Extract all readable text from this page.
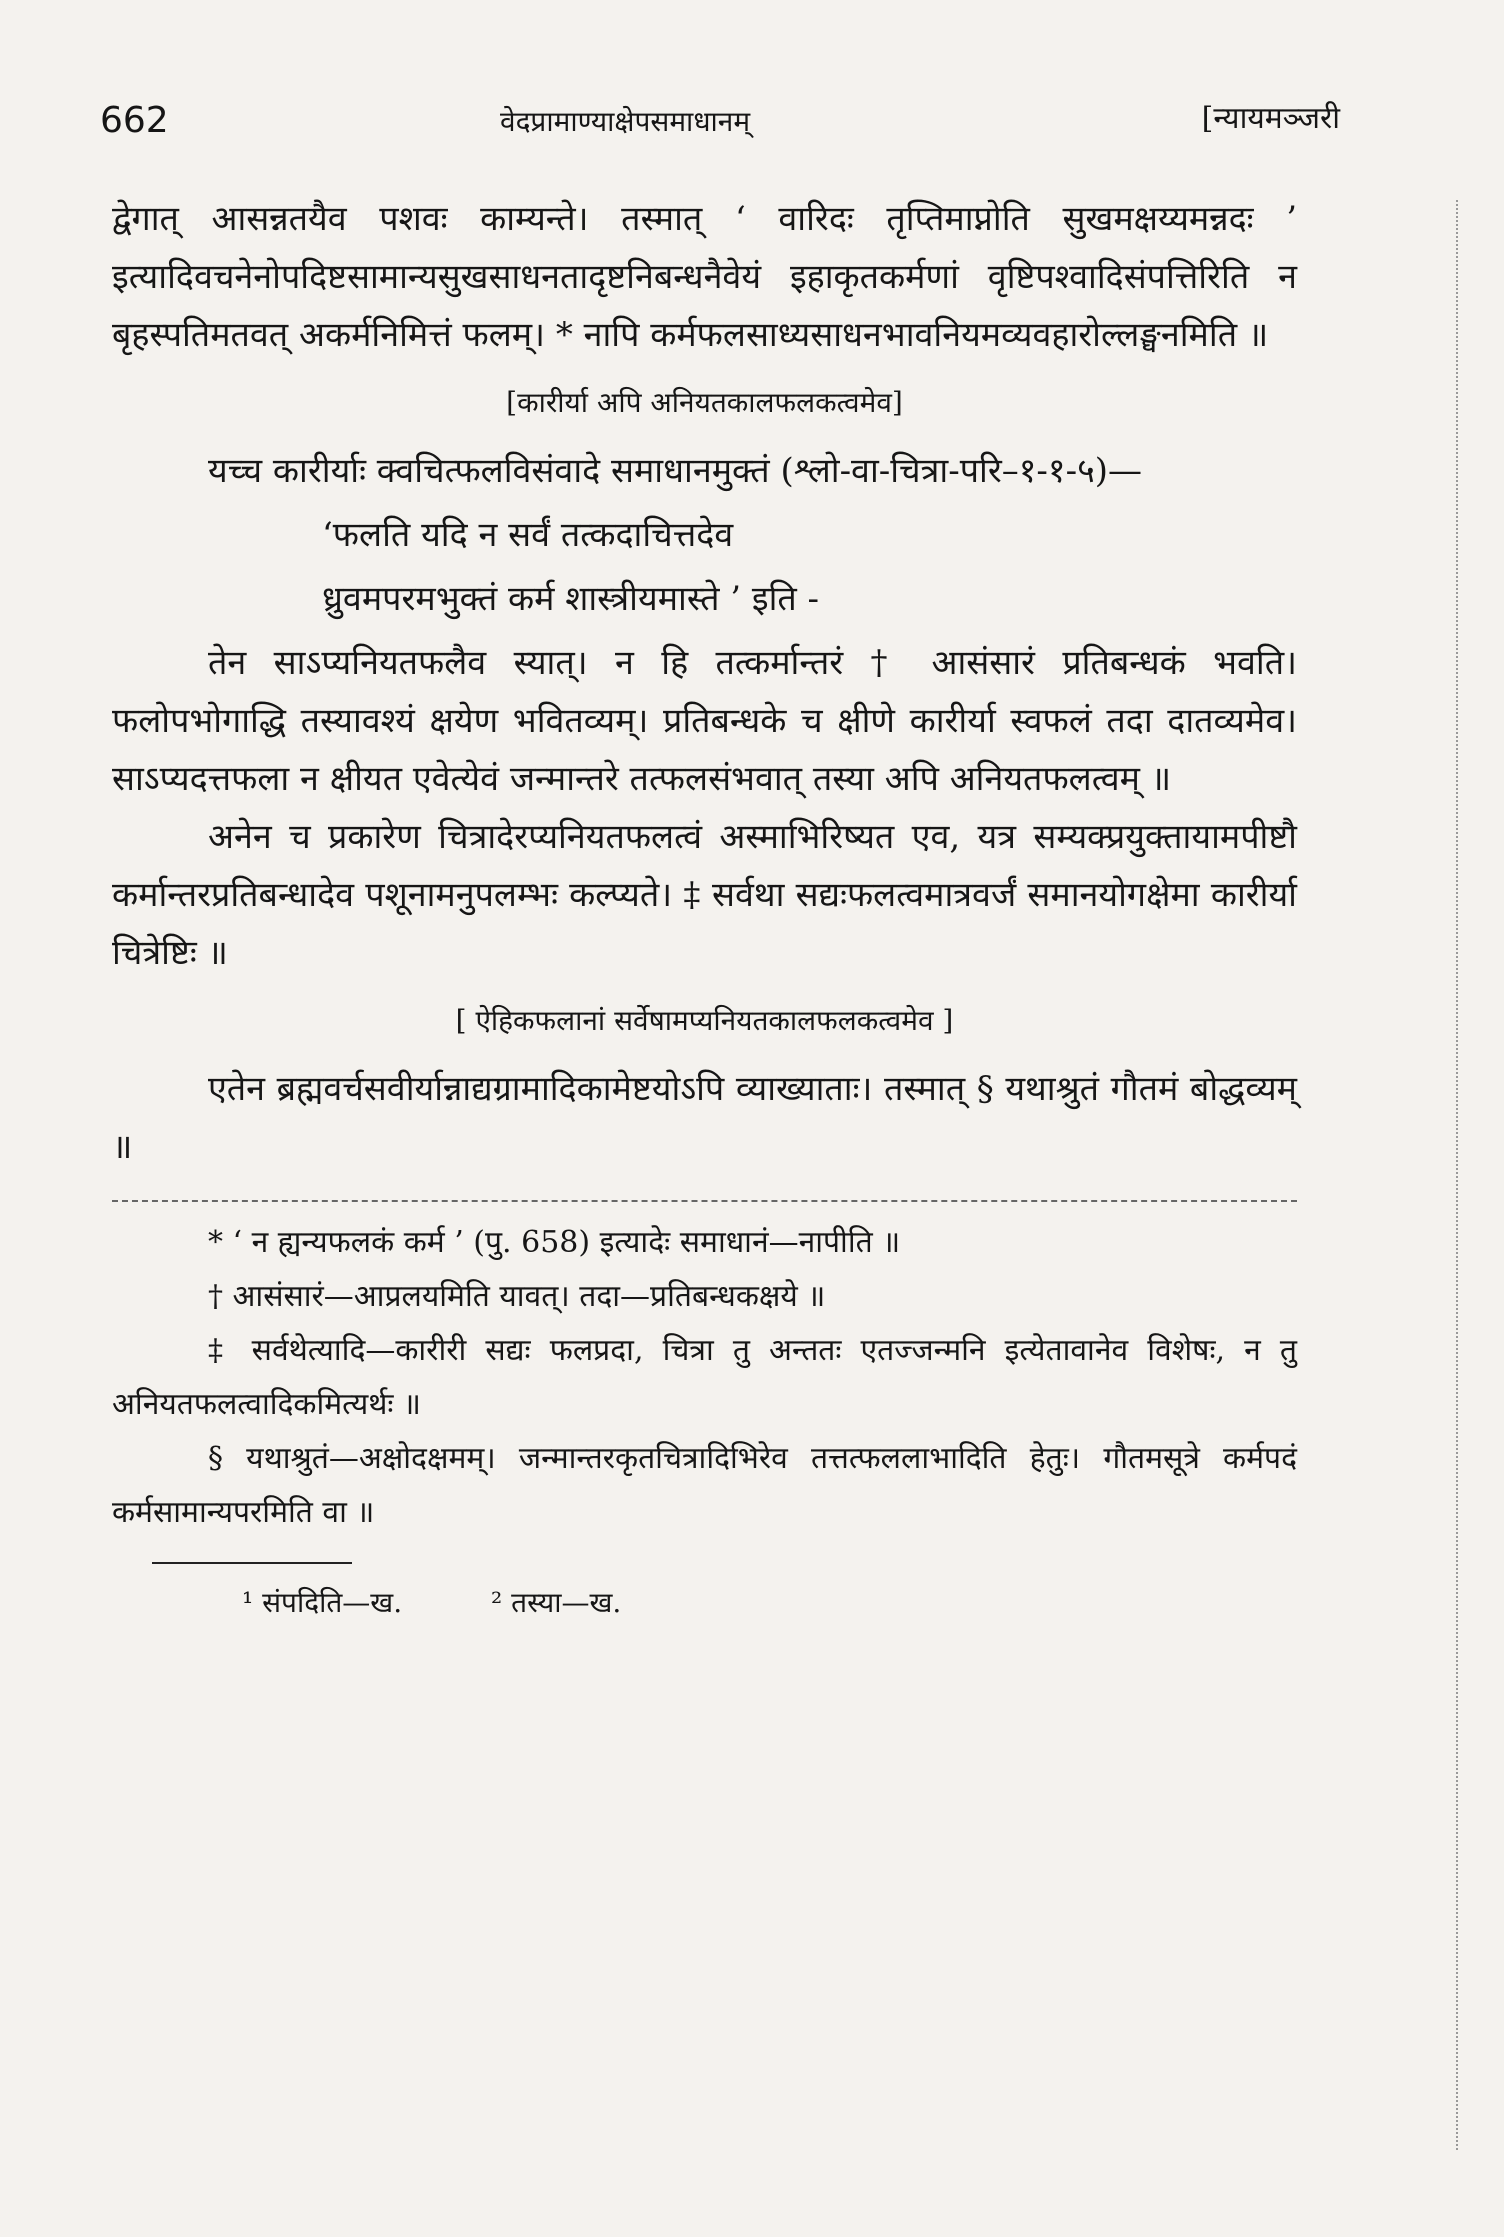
662	वेदप्रामाण्याक्षेपसमाधानम्	[न्यायमञ्जरी

द्वेगात् आसन्नतयैव पशवः काम्यन्ते। तस्मात् ‘ वारिदः तृप्तिमाप्नोति सुखमक्षय्यमन्नदः ’ इत्यादिवचनेनोपदिष्टसामान्यसुखसाधनतादृष्टनिबन्धनैवेयं इहाकृतकर्मणां वृष्टिपश्वादिसंपत्तिरिति न बृहस्पतिमतवत् अकर्मनिमित्तं फलम्। * नापि कर्मफलसाध्यसाधनभावनियमव्यवहारोल्लङ्घनमिति ॥

[कारीर्या अपि अनियतकालफलकत्वमेव]

यच्च कारीर्याः क्वचित्फलविसंवादे समाधानमुक्तं (श्लो-वा-चित्रा-परि–१-१-५)—

‘फलति यदि न सर्वं तत्कदाचित्तदेव
ध्रुवमपरमभुक्तं कर्म शास्त्रीयमास्ते ’ इति -

तेन साऽप्यनियतफलैव स्यात्। न हि तत्कर्मान्तरं † आसंसारं प्रतिबन्धकं भवति। फलोपभोगाद्धि तस्यावश्यं क्षयेण भवितव्यम्। प्रतिबन्धके च क्षीणे कारीर्या स्वफलं तदा दातव्यमेव। साऽप्यदत्तफला न क्षीयत एवेत्येवं जन्मान्तरे तत्फलसंभवात् तस्या अपि अनियतफलत्वम् ॥

अनेन च प्रकारेण चित्रादेरप्यनियतफलत्वं अस्माभिरिष्यत एव, यत्र सम्यक्प्रयुक्तायामपीष्टौ कर्मान्तरप्रतिबन्धादेव पशूनामनुपलम्भः कल्प्यते। ‡ सर्वथा सद्यःफलत्वमात्रवर्जं समानयोगक्षेमा कारीर्या चित्रेष्टिः ॥

[ ऐहिकफलानां सर्वेषामप्यनियतकालफलकत्वमेव ]

एतेन ब्रह्मवर्चसवीर्यान्नाद्यग्रामादिकामेष्टयोऽपि व्याख्याताः। तस्मात् § यथाश्रुतं गौतमं बोद्धव्यम् ॥

* ‘ न ह्यन्यफलकं कर्म ’ (पु. 658) इत्यादेः समाधानं—नापीति ॥

† आसंसारं—आप्रलयमिति यावत्। तदा—प्रतिबन्धकक्षये ॥

‡ सर्वथेत्यादि—कारीरी सद्यः फलप्रदा, चित्रा तु अन्ततः एतज्जन्मनि इत्येतावानेव विशेषः, न तु अनियतफलत्वादिकमित्यर्थः ॥

§ यथाश्रुतं—अक्षोदक्षमम्। जन्मान्तरकृतचित्रादिभिरेव तत्तत्फललाभादिति हेतुः। गौतमसूत्रे कर्मपदं कर्मसामान्यपरमिति वा ॥

¹ संपदिति—ख.	² तस्या—ख.
